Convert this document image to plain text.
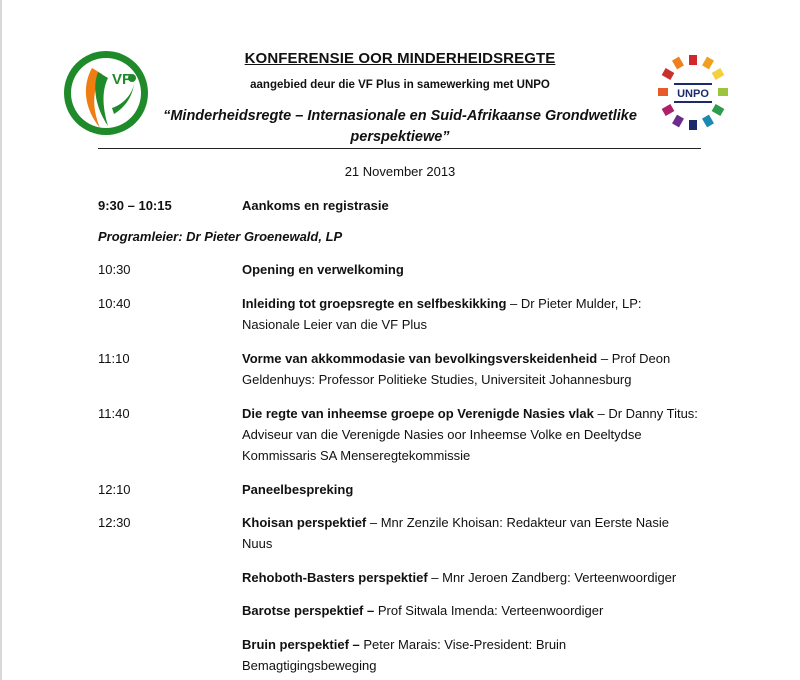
VF
UNPO
KONFERENSIE OOR MINDERHEIDSREGTE
aangebied deur die VF Plus in samewerking met UNPO
“Minderheidsregte – Internasionale en Suid-Afrikaanse Grondwetlike
perspektiewe”
21 November 2013
9:30 – 10:15	Aankoms en registrasie
Programleier: Dr Pieter Groenewald, LP
10:30	Opening en verwelkoming
10:40	Inleiding tot groepsregte en selfbeskikking – Dr Pieter Mulder, LP:
Nasionale Leier van die VF Plus
11:10	Vorme van akkommodasie van bevolkingsverskeidenheid – Prof Deon
Geldenhuys: Professor Politieke Studies, Universiteit Johannesburg
11:40	Die regte van inheemse groepe op Verenigde Nasies vlak – Dr Danny Titus:
Adviseur van die Verenigde Nasies oor Inheemse Volke en Deeltydse
Kommissaris SA Menseregtekommissie
12:10	Paneelbespreking
12:30	Khoisan perspektief – Mnr Zenzile Khoisan: Redakteur van Eerste Nasie
Nuus
Rehoboth-Basters perspektief – Mnr Jeroen Zandberg: Verteenwoordiger
Barotse perspektief – Prof Sitwala Imenda: Verteenwoordiger
Bruin perspektief – Peter Marais: Vise-President: Bruin
Bemagtigingsbeweging
